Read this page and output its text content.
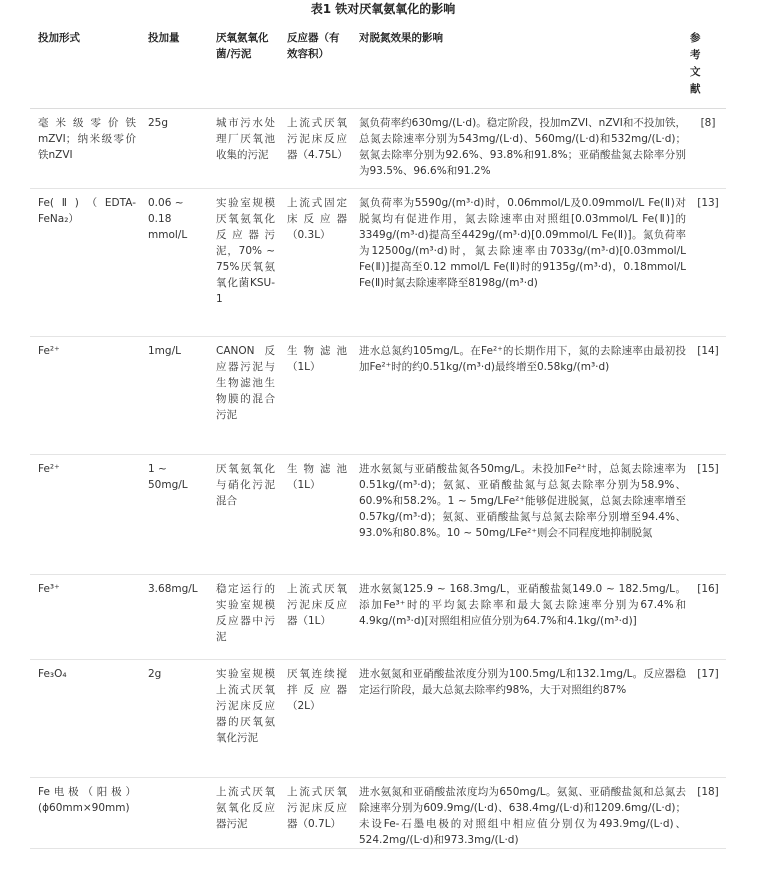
表1 铁对厌氧氨氧化的影响
投加形式	投加量	厌氧氨氧化菌/污泥	反应器（有效容积）	对脱氮效果的影响	参
考
文
献

毫米级零价铁mZVI；纳米级零价铁nZVI	25g	城市污水处理厂厌氧池收集的污泥	上流式厌氧污泥床反应器（4.75L）	氮负荷率约630mg/(L·d)。稳定阶段，投加mZVI、nZVI和不投加铁，总氮去除速率分别为543mg/(L·d)、560mg/(L·d)和532mg/(L·d)；氨氮去除率分别为92.6%、93.8%和91.8%；亚硝酸盐氮去除率分别为93.5%、96.6%和91.2%	[8]
Fe(Ⅱ)（EDTA-FeNa₂）	0.06 ~ 0.18 mmol/L	实验室规模厌氧氨氧化反应器污泥，70% ~ 75%厌氧氨氧化菌KSU-1	上流式固定床反应器（0.3L）	氮负荷率为5590g/(m³·d)时，0.06mmol/L及0.09mmol/L Fe(Ⅱ)对脱氮均有促进作用，氮去除速率由对照组[0.03mmol/L Fe(Ⅱ)]的3349g/(m³·d)提高至4429g/(m³·d)[0.09mmol/L Fe(Ⅱ)]。氮负荷率为12500g/(m³·d)时，氮去除速率由7033g/(m³·d)[0.03mmol/L Fe(Ⅱ)]提高至0.12 mmol/L Fe(Ⅱ)时的9135g/(m³·d)，0.18mmol/L Fe(Ⅱ)时氮去除速率降至8198g/(m³·d)	[13]
Fe²⁺	1mg/L	CANON反应器污泥与生物滤池生物膜的混合污泥	生物滤池（1L）	进水总氮约105mg/L。在Fe²⁺的长期作用下，氮的去除速率由最初投加Fe²⁺时的约0.51kg/(m³·d)最终增至0.58kg/(m³·d)	[14]
Fe²⁺	1 ~ 50mg/L	厌氧氨氧化与硝化污泥混合	生物滤池（1L）	进水氨氮与亚硝酸盐氮各50mg/L。未投加Fe²⁺时，总氮去除速率为0.51kg/(m³·d)；氨氮、亚硝酸盐氮与总氮去除率分别为58.9%、60.9%和58.2%。1 ~ 5mg/LFe²⁺能够促进脱氮，总氮去除速率增至0.57kg/(m³·d)；氨氮、亚硝酸盐氮与总氮去除率分别增至94.4%、93.0%和80.8%。10 ~ 50mg/LFe²⁺则会不同程度地抑制脱氮	[15]
Fe³⁺	3.68mg/L	稳定运行的实验室规模反应器中污泥	上流式厌氧污泥床反应器（1L）	进水氨氮125.9 ~ 168.3mg/L，亚硝酸盐氮149.0 ~ 182.5mg/L。添加Fe³⁺时的平均氮去除率和最大氮去除速率分别为67.4%和4.9kg/(m³·d)[对照组相应值分别为64.7%和4.1kg/(m³·d)]	[16]
Fe₃O₄	2g	实验室规模上流式厌氧污泥床反应器的厌氧氨氧化污泥	厌氧连续搅拌反应器（2L）	进水氨氮和亚硝酸盐浓度分别为100.5mg/L和132.1mg/L。反应器稳定运行阶段，最大总氮去除率约98%，大于对照组约87%	[17]
Fe电极（阳极）(ϕ60mm×90mm)		上流式厌氧氨氧化反应器污泥	上流式厌氧污泥床反应器（0.7L）	进水氨氮和亚硝酸盐浓度均为650mg/L。氨氮、亚硝酸盐氮和总氮去除速率分别为609.9mg/(L·d)、638.4mg/(L·d)和1209.6mg/(L·d)；未设Fe-石墨电极的对照组中相应值分别仅为493.9mg/(L·d)、524.2mg/(L·d)和973.3mg/(L·d)	[18]
